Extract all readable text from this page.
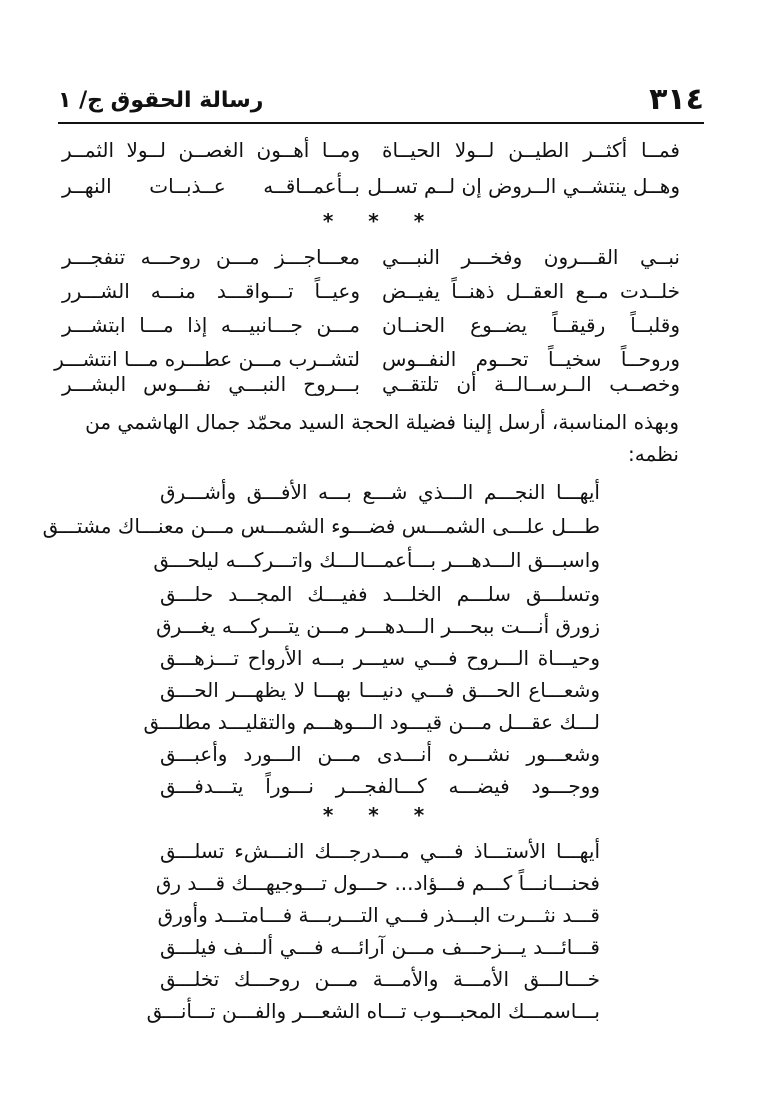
٣١٤
رسالة الحقوق ج/ ١
فمــا أكثــر الطيــن لــولا الحيــاة
ومــا أهــون الغصــن لــولا الثمــر
وهــل ينتشــي الــروض إن لــم تســل
بــأعمــاقــه عــذبــات النهــر
* * *
نبــي القـــرون وفخـــر النبـــي
معـــاجـــز مـــن روحـــه تنفجـــر
خلــدت مــع العقــل ذهنــاً يفيــض
وعيــاً تـــواقـــد منـــه الشـــرر
وقلبــاً رقيقــاً يضــوع الحنــان
مـــن جـــانبيـــه إذا مـــا ابتشـــر
وروحــاً سخيــاً تحــوم النفــوس
لتشــرب مـــن عطـــره مـــا انتشـــر
وخصــب الــرســالــة أن تلتقــي
بـــروح النبـــي نفـــوس البشـــر
وبهذه المناسبة، أرسل إلينا فضيلة الحجة السيد محمّد جمال الهاشمي من
نظمه:
أيهـــا النجـــم الـــذي شـــع بـــه الأفـــق وأشـــرق
طـــل علـــى الشمـــس فضـــوء الشمـــس مـــن معنـــاك مشتـــق
واسبـــق الـــدهـــر بـــأعمـــالـــك واتـــركـــه ليلحـــق
وتسلـــق سلـــم الخلـــد ففيـــك المجـــد حلـــق
زورق أنـــت ببحـــر الـــدهـــر مـــن يتـــركـــه يغـــرق
وحيـــاة الـــروح فـــي سيـــر بـــه الأرواح تـــزهـــق
وشعـــاع الحـــق فـــي دنيـــا بهـــا لا يظهـــر الحـــق
لـــك عقـــل مـــن قيـــود الـــوهـــم والتقليـــد مطلـــق
وشعـــور نشـــره أنـــدى مـــن الـــورد وأعبـــق
ووجـــود فيضـــه كـــالفجـــر نـــوراً يتـــدفـــق
* * *
أيهـــا الأستـــاذ فـــي مـــدرجـــك النـــشء تسلـــق
فحنـــانـــاً كـــم فـــؤاد... حـــول تـــوجيهـــك قـــد رق
قـــد نثـــرت البـــذر فـــي التـــربـــة فـــامتـــد وأورق
قـــائـــد يـــزحـــف مـــن آرائـــه فـــي ألـــف فيلـــق
خـــالـــق الأمـــة والأمـــة مـــن روحـــك تخلـــق
بـــاسمـــك المحبـــوب تـــاه الشعـــر والفـــن تـــأنـــق
